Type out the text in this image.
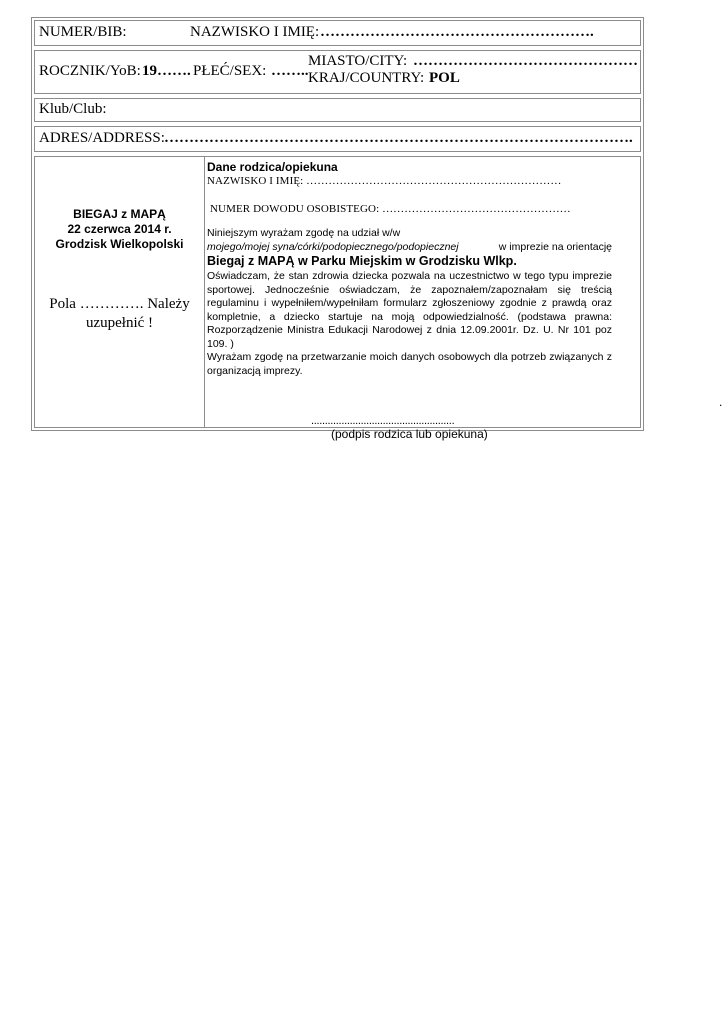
NUMER/BIB:	NAZWISKO I IMIĘ: ……………………………………………….
ROCZNIK/YoB: 19……. PŁEĆ/SEX: ……..
MIASTO/CITY: ………………………………………
KRAJ/COUNTRY: POL
Klub/Club:
ADRES/ADDRESS: ………………………………………………………………………………….
BIEGAJ z MAPĄ
22 czerwca 2014 r.
Grodzisk Wielkopolski
Pola …………. Należy
uzupełnić !
Dane rodzica/opiekuna
NAZWISKO I IMIĘ: ……………………………………………………………
NUMER DOWODU OSOBISTEGO: ……………………………………………
Niniejszym wyrażam zgodę na udział w/w
mojego/mojej syna/córki/podopiecznego/podopiecznej	w imprezie na orientację
Biegaj z MAPĄ w Parku Miejskim w Grodzisku Wlkp.
Oświadczam, że stan zdrowia dziecka pozwala na uczestnictwo w tego typu imprezie sportowej. Jednocześnie oświadczam, że zapoznałem/zapoznałam się treścią regulaminu i wypełniłem/wypełniłam formularz zgłoszeniowy zgodnie z prawdą oraz kompletnie, a dziecko startuje na moją odpowiedzialność. (podstawa prawna: Rozporządzenie Ministra Edukacji Narodowej z dnia 12.09.2001r. Dz. U. Nr 101 poz 109. )
Wyrażam zgodę na przetwarzanie moich danych osobowych dla potrzeb związanych z organizacją imprezy.
....................................................
(podpis rodzica lub opiekuna)
.
